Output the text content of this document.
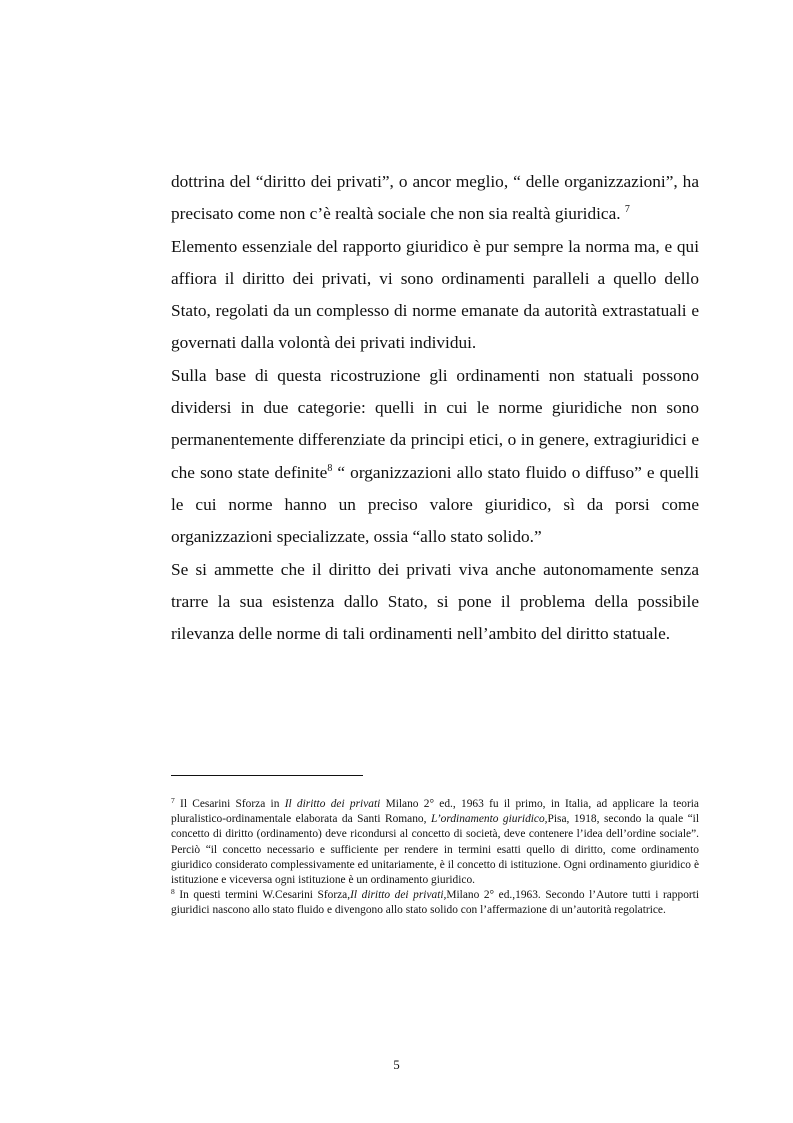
dottrina del “diritto dei privati”, o ancor meglio, “ delle organizzazioni”, ha precisato come non c’è realtà sociale che non sia realtà giuridica. $^7$

Elemento essenziale del rapporto giuridico è pur sempre la norma ma, e qui affiora il diritto dei privati, vi sono ordinamenti paralleli a quello dello Stato, regolati da un complesso di norme emanate da autorità extrastatuali e governati dalla volontà dei privati individui.

Sulla base di questa ricostruzione gli ordinamenti non statuali possono dividersi in due categorie: quelli in cui le norme giuridiche non sono permanentemente differenziate da principi etici, o in genere, extragiuridici e che sono state definite$^8$ “ organizzazioni allo stato fluido o diffuso” e quelli le cui norme hanno un preciso valore giuridico, sì da porsi come organizzazioni specializzate, ossia “allo stato solido.”

Se si ammette che il diritto dei privati viva anche autonomamente senza trarre la sua esistenza dallo Stato, si pone il problema della possibile rilevanza delle norme di tali ordinamenti nell’ambito del diritto statuale.

$^7$ Il Cesarini Sforza in Il diritto dei privati Milano 2° ed., 1963 fu il primo, in Italia, ad applicare la teoria pluralistico-ordinamentale elaborata da Santi Romano, L’ordinamento giuridico,Pisa, 1918, secondo la quale “il concetto di diritto (ordinamento) deve ricondursi al concetto di società, deve contenere l’idea dell’ordine sociale”. Perciò “il concetto necessario e sufficiente per rendere in termini esatti quello di diritto, come ordinamento giuridico considerato complessivamente ed unitariamente, è il concetto di istituzione. Ogni ordinamento giuridico è istituzione e viceversa ogni istituzione è un ordinamento giuridico.

$^8$ In questi termini W.Cesarini Sforza,Il diritto dei privati,Milano 2° ed.,1963. Secondo l’Autore tutti i rapporti giuridici nascono allo stato fluido e divengono allo stato solido con l’affermazione di un’autorità regolatrice.

5
